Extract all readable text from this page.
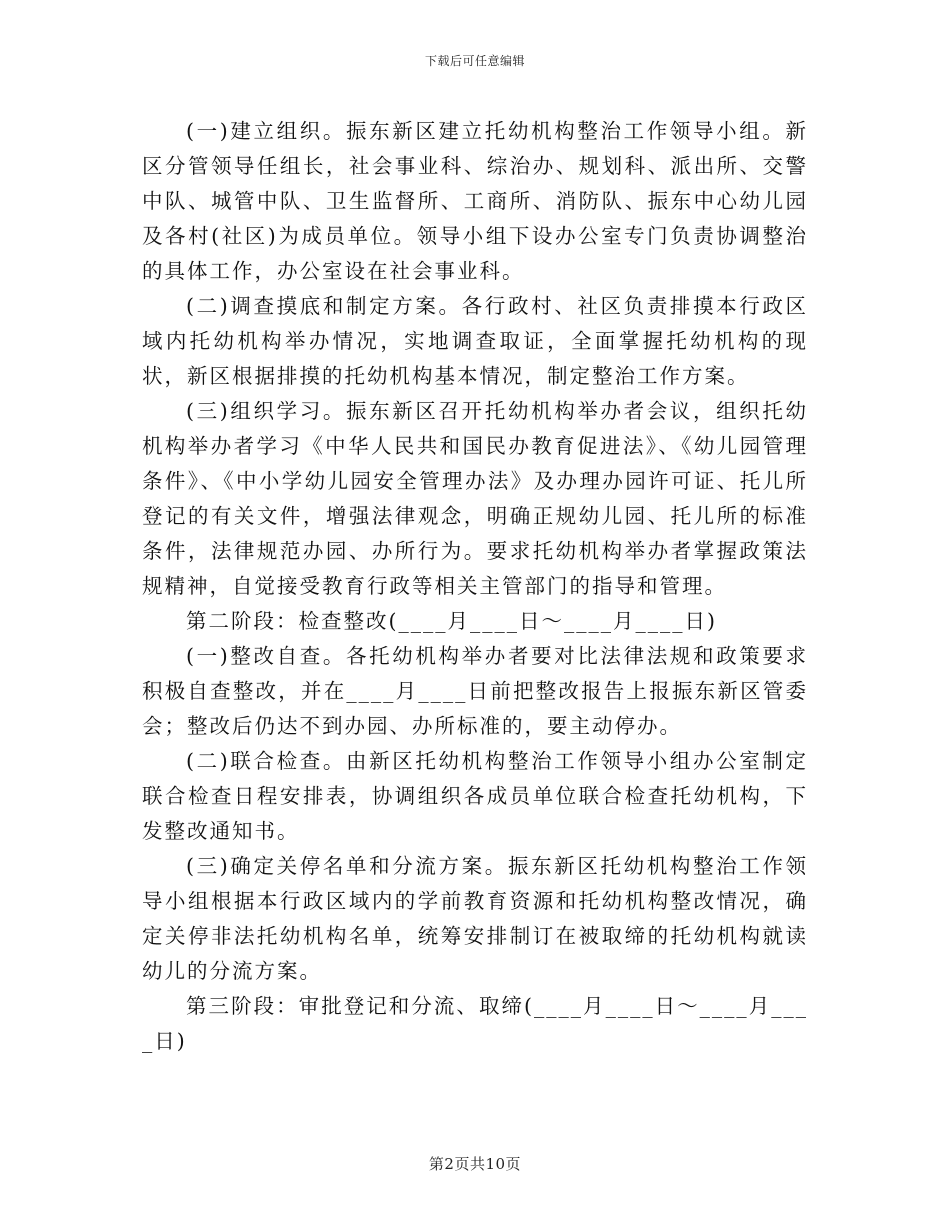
下载后可任意编辑

(一)建立组织。振东新区建立托幼机构整治工作领导小组。新区分管领导任组长，社会事业科、综治办、规划科、派出所、交警中队、城管中队、卫生监督所、工商所、消防队、振东中心幼儿园及各村(社区)为成员单位。领导小组下设办公室专门负责协调整治的具体工作，办公室设在社会事业科。

(二)调查摸底和制定方案。各行政村、社区负责排摸本行政区域内托幼机构举办情况，实地调查取证，全面掌握托幼机构的现状，新区根据排摸的托幼机构基本情况，制定整治工作方案。

(三)组织学习。振东新区召开托幼机构举办者会议，组织托幼机构举办者学习《中华人民共和国民办教育促进法》、《幼儿园管理条件》、《中小学幼儿园安全管理办法》及办理办园许可证、托儿所登记的有关文件，增强法律观念，明确正规幼儿园、托儿所的标准条件，法律规范办园、办所行为。要求托幼机构举办者掌握政策法规精神，自觉接受教育行政等相关主管部门的指导和管理。

第二阶段：检查整改(____月____日～____月____日)

(一)整改自查。各托幼机构举办者要对比法律法规和政策要求积极自查整改，并在____月____日前把整改报告上报振东新区管委会；整改后仍达不到办园、办所标准的，要主动停办。

(二)联合检查。由新区托幼机构整治工作领导小组办公室制定联合检查日程安排表，协调组织各成员单位联合检查托幼机构，下发整改通知书。

(三)确定关停名单和分流方案。振东新区托幼机构整治工作领导小组根据本行政区域内的学前教育资源和托幼机构整改情况，确定关停非法托幼机构名单，统筹安排制订在被取缔的托幼机构就读幼儿的分流方案。

第三阶段：审批登记和分流、取缔(____月____日～____月____日)

第2页共10页
